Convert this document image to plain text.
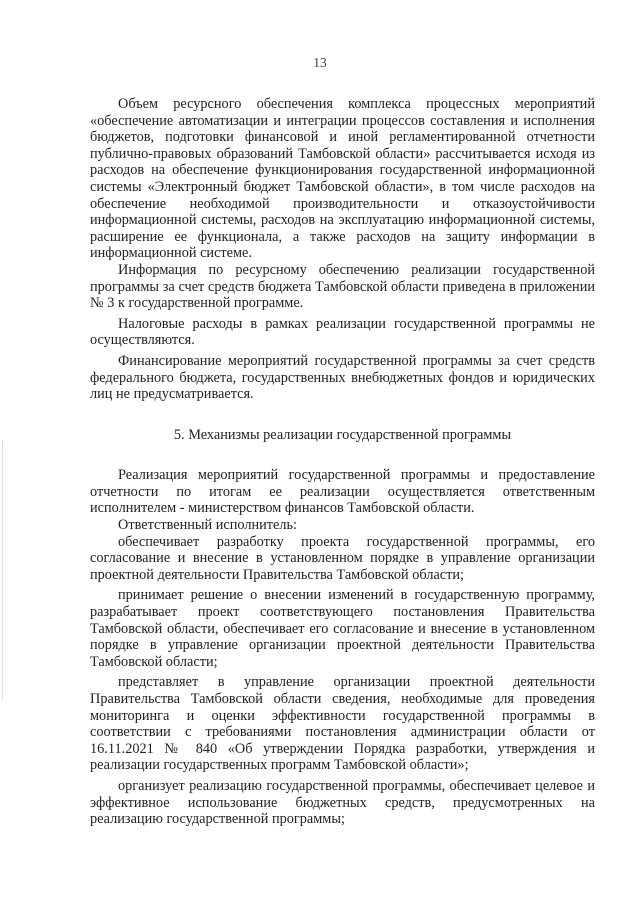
13

Объем ресурсного обеспечения комплекса процессных мероприятий «обеспечение автоматизации и интеграции процессов составления и исполнения бюджетов, подготовки финансовой и иной регламентированной отчетности публично-правовых образований Тамбовской области» рассчитывается исходя из расходов на обеспечение функционирования государственной информационной системы «Электронный бюджет Тамбовской области», в том числе расходов на обеспечение необходимой производительности и отказоустойчивости информационной системы, расходов на эксплуатацию информационной системы, расширение ее функционала, а также расходов на защиту информации в информационной системе.

Информация по ресурсному обеспечению реализации государственной программы за счет средств бюджета Тамбовской области приведена в приложении № 3 к государственной программе.

Налоговые расходы в рамках реализации государственной программы не осуществляются.

Финансирование мероприятий государственной программы за счет средств федерального бюджета, государственных внебюджетных фондов и юридических лиц не предусматривается.

5. Механизмы реализации государственной программы

Реализация мероприятий государственной программы и предоставление отчетности по итогам ее реализации осуществляется ответственным исполнителем - министерством финансов Тамбовской области.

Ответственный исполнитель:

обеспечивает разработку проекта государственной программы, его согласование и внесение в установленном порядке в управление организации проектной деятельности Правительства Тамбовской области;

принимает решение о внесении изменений в государственную программу, разрабатывает проект соответствующего постановления Правительства Тамбовской области, обеспечивает его согласование и внесение в установленном порядке в управление организации проектной деятельности Правительства Тамбовской области;

представляет в управление организации проектной деятельности Правительства Тамбовской области сведения, необходимые для проведения мониторинга и оценки эффективности государственной программы в соответствии с требованиями постановления администрации области от 16.11.2021 № 840 «Об утверждении Порядка разработки, утверждения и реализации государственных программ Тамбовской области»;

организует реализацию государственной программы, обеспечивает целевое и эффективное использование бюджетных средств, предусмотренных на реализацию государственной программы;
